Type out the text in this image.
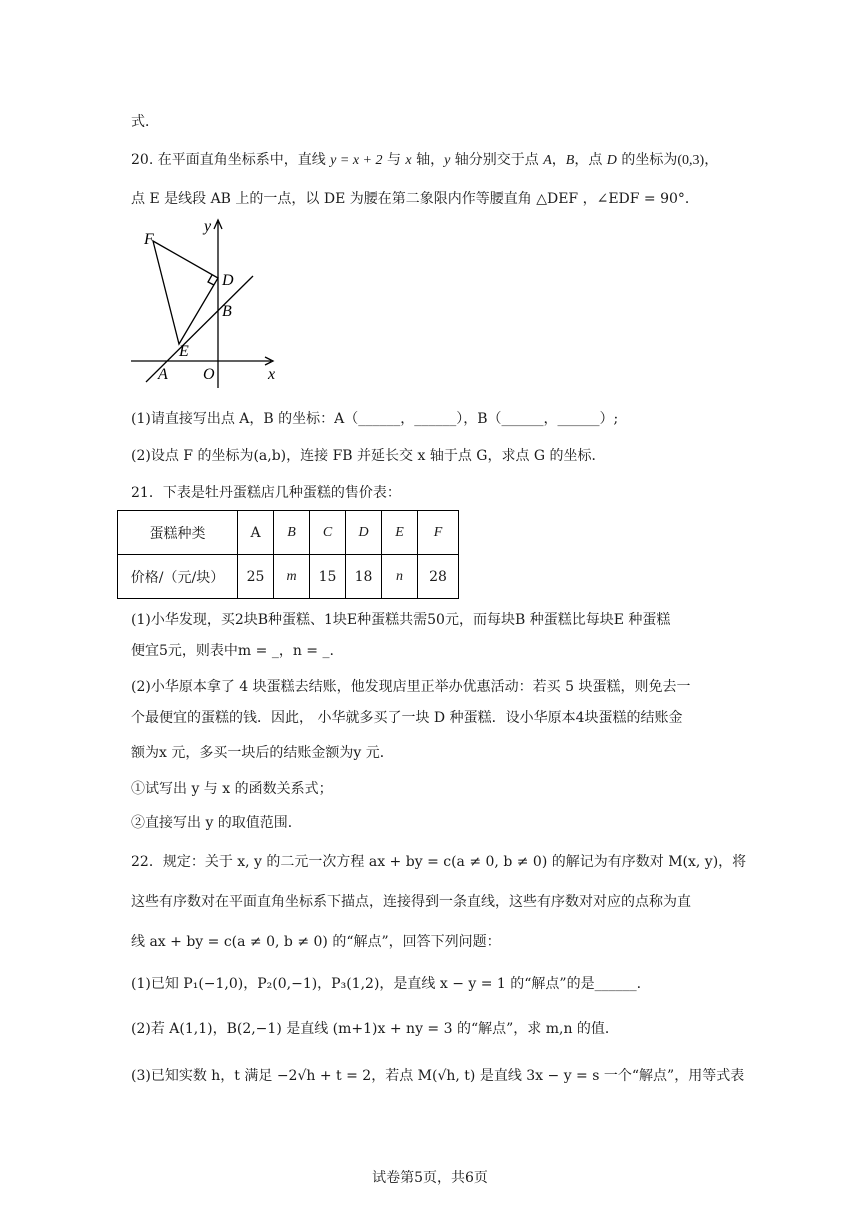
式．
20. 在平面直角坐标系中，直线 y = x + 2 与 x 轴，y 轴分别交于点 A，B，点 D 的坐标为(0,3)，
点 E 是线段 AB 上的一点，以 DE 为腰在第二象限内作等腰直角 △DEF ，∠EDF = 90°．
y
x
F
D
B
E
A O
(1)请直接写出点 A，B 的坐标：A（______，______），B（______，______）;
(2)设点 F 的坐标为(a,b)，连接 FB 并延长交 x 轴于点 G，求点 G 的坐标．
21．下表是牡丹蛋糕店几种蛋糕的售价表：
蛋糕种类	A	B	C	D	E	F
价格/（元/块）	25	m	15	18	n	28
(1)小华发现，买2块B种蛋糕、1块E种蛋糕共需50元，而每块B 种蛋糕比每块E 种蛋糕
便宜5元，则表中m = _，n = _.
(2)小华原本拿了 4 块蛋糕去结账，他发现店里正举办优惠活动：若买 5 块蛋糕，则免去一
个最便宜的蛋糕的钱．因此， 小华就多买了一块 D 种蛋糕．设小华原本4块蛋糕的结账金
额为x 元，多买一块后的结账金额为y 元．
①试写出 y 与 x 的函数关系式；
②直接写出 y 的取值范围．
22．规定：关于 x, y 的二元一次方程 ax + by = c(a ≠ 0, b ≠ 0) 的解记为有序数对 M(x, y)，将
这些有序数对在平面直角坐标系下描点，连接得到一条直线，这些有序数对对应的点称为直
线 ax + by = c(a ≠ 0, b ≠ 0) 的“解点”，回答下列问题：
(1)已知 P₁(−1,0)，P₂(0,−1)，P₃(1,2)，是直线 x − y = 1 的“解点”的是______.
(2)若 A(1,1)，B(2,−1) 是直线 (m+1)x + ny = 3 的“解点”，求 m,n 的值．
(3)已知实数 h，t 满足 −2√h + t = 2，若点 M(√h, t) 是直线 3x − y = s 一个“解点”，用等式表
试卷第5页，共6页
